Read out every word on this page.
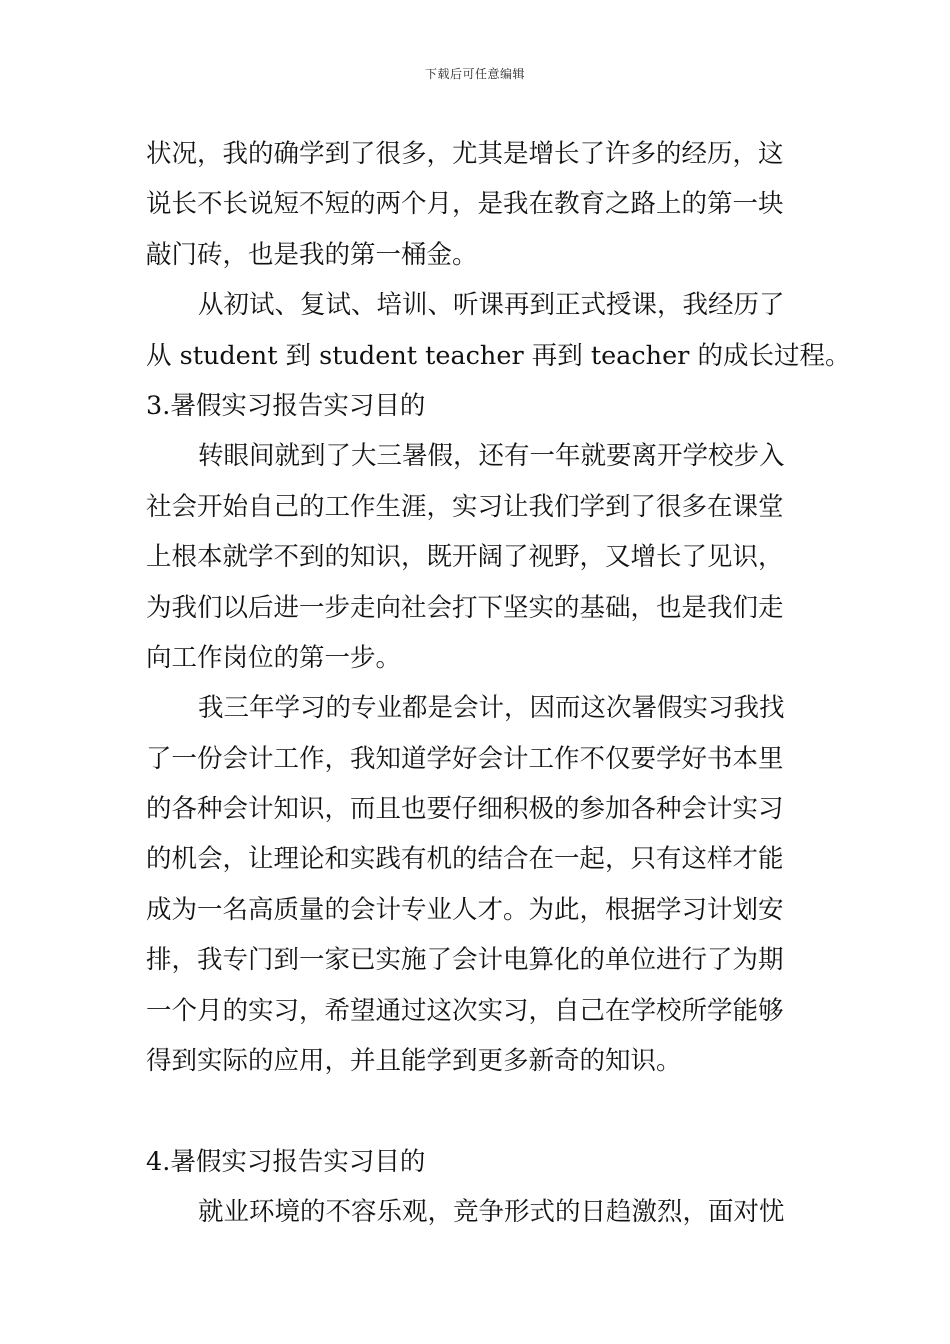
下载后可任意编辑
状况，我的确学到了很多，尤其是增长了许多的经历，这
说长不长说短不短的两个月，是我在教育之路上的第一块
敲门砖，也是我的第一桶金。
从初试、复试、培训、听课再到正式授课，我经历了
从 student 到 student teacher 再到 teacher 的成长过程。
3.暑假实习报告实习目的
转眼间就到了大三暑假，还有一年就要离开学校步入
社会开始自己的工作生涯，实习让我们学到了很多在课堂
上根本就学不到的知识，既开阔了视野，又增长了见识，
为我们以后进一步走向社会打下坚实的基础，也是我们走
向工作岗位的第一步。
我三年学习的专业都是会计，因而这次暑假实习我找
了一份会计工作，我知道学好会计工作不仅要学好书本里
的各种会计知识，而且也要仔细积极的参加各种会计实习
的机会，让理论和实践有机的结合在一起，只有这样才能
成为一名高质量的会计专业人才。为此，根据学习计划安
排，我专门到一家已实施了会计电算化的单位进行了为期
一个月的实习，希望通过这次实习，自己在学校所学能够
得到实际的应用，并且能学到更多新奇的知识。
4.暑假实习报告实习目的
就业环境的不容乐观，竞争形式的日趋激烈，面对忧
